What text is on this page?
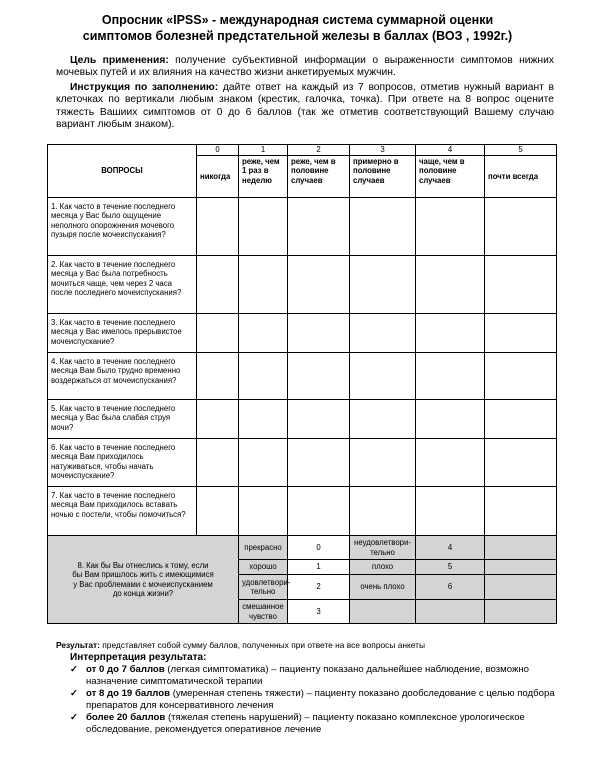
Опросник «IPSS» - международная система суммарной оценки
симптомов болезней предстательной железы в баллах (ВОЗ , 1992г.)
Цель применения: получение субъективной информации о выраженности симптомов нижних мочевых путей и их влияния на качество жизни анкетируемых мужчин.
Инструкция по заполнению: дайте ответ на каждый из 7 вопросов, отметив нужный вариант в клеточках по вертикали любым знаком (крестик, галочка, точка). При ответе на 8 вопрос оцените тяжесть Вашиих симптомов от 0 до 6 баллов (так же отметив соответствующий Вашему случаю вариант любым знаком).
ВОПРОСЫ	0	1	2	3	4	5
	никогда	реже, чем 1 раз в неделю	реже, чем в половине случаев	примерно в половине случаев	чаще, чем в половине случаев	почти всегда
1. Как часто в течение последнего месяца у Вас было ощущение неполного опорожнения мочевого пузыря после мочеиспускания?						
2. Как часто в течение последнего месяца у Вас была потребность мочиться чаще, чем через 2 часа после последнего мочеиспускания?						
3. Как часто в течение последнего месяца у Вас имелось прерывистое мочеиспускание?						
4. Как часто в течение последнего месяца Вам было трудно временно воздержаться от мочеиспускания?						
5. Как часто в течение последнего месяца у Вас была слабая струя мочи?						
6. Как часто в течение последнего месяца Вам приходилось натуживаться, чтобы начать мочеиспускание?						
7. Как часто в течение последнего месяца Вам приходилось вставать ночью с постели, чтобы помочиться?						
8. Как бы Вы отнеслись к тому, если бы Вам пришлось жить с имеющимися у Вас проблемами с мочеиспусканием до конца жизни?		прекрасно	0	неудовлетвори-тельно	4	
		хорошо	1	плохо	5	
		удовлетвори-тельно	2	очень плохо	6	
		смешанное чувство	3			
Результат: представляет собой сумму баллов, полученных при ответе на все вопросы анкеты
Интерпретация результата:
✓ от 0 до 7 баллов (легкая симптоматика) – пациенту показано дальнейшее наблюдение, возможно назначение симптоматической терапии
✓ от 8 до 19 баллов (умеренная степень тяжести) – пациенту показано дообследование с целью подбора препаратов для консервативного лечения
✓ более 20 баллов (тяжелая степень нарушений) – пациенту показано комплексное урологическое обследование, рекомендуется оперативное лечение
